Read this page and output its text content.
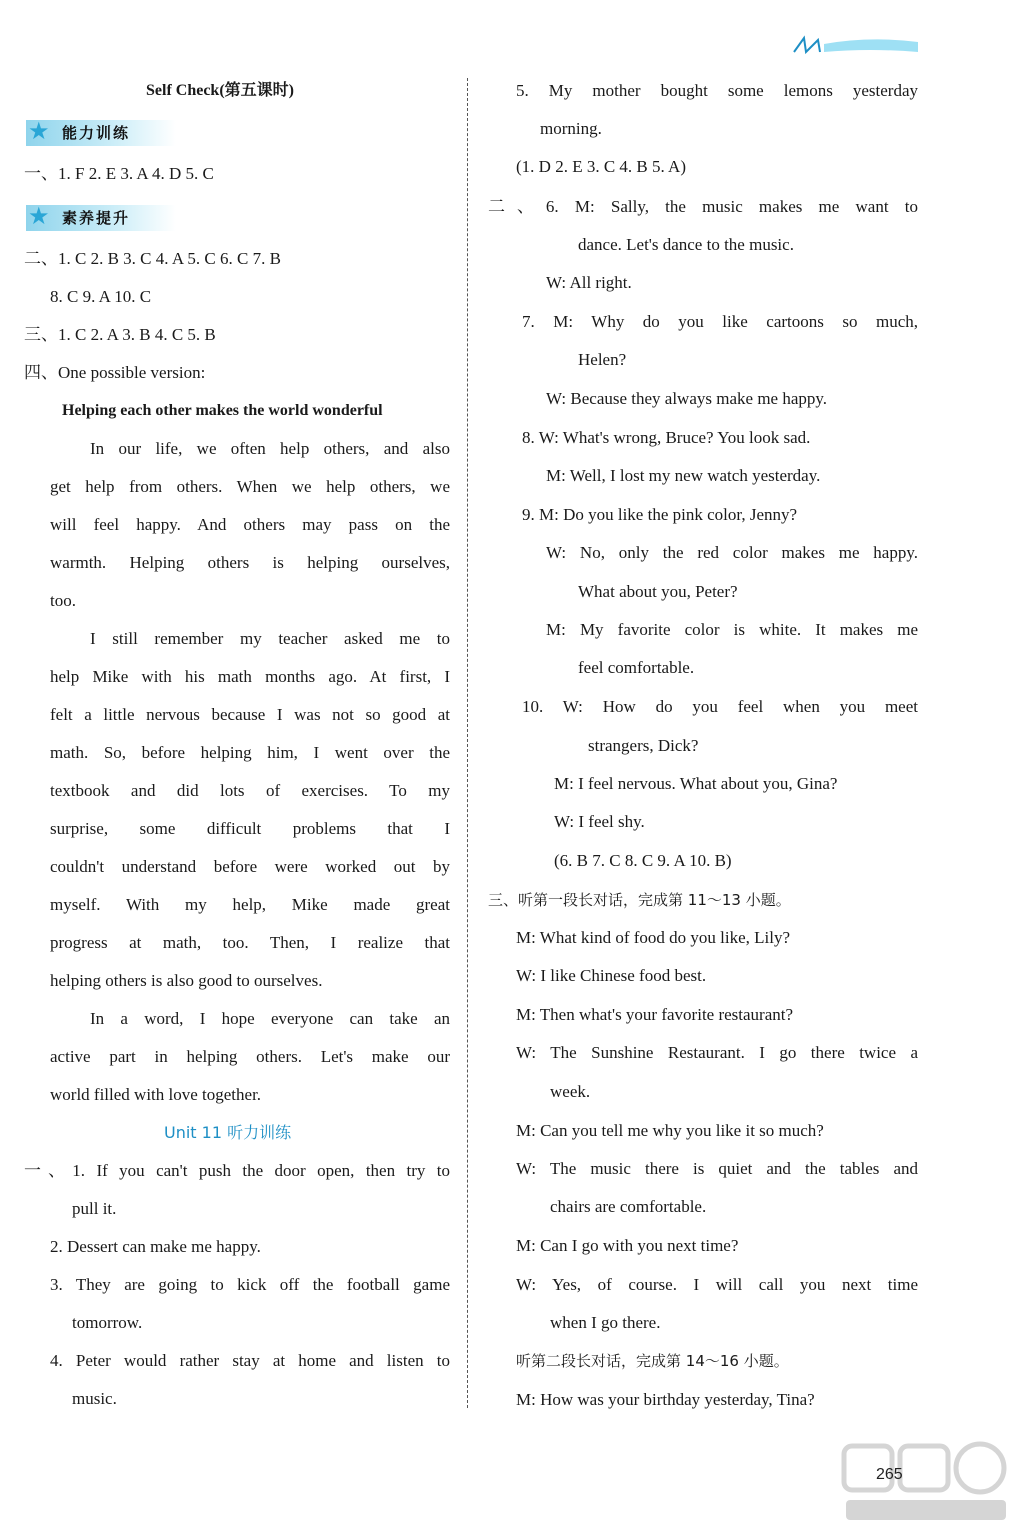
Self Check(第五课时)
★ 能力训练
一、1. F 2. E 3. A 4. D 5. C
★ 素养提升
二、1. C 2. B 3. C 4. A 5. C 6. C 7. B
8. C 9. A 10. C
三、1. C 2. A 3. B 4. C 5. B
四、One possible version:
Helping each other makes the world wonderful
In our life, we often help others, and also
get help from others. When we help others, we
will feel happy. And others may pass on the
warmth. Helping others is helping ourselves,
too.
I still remember my teacher asked me to
help Mike with his math months ago. At first, I
felt a little nervous because I was not so good at
math. So, before helping him, I went over the
textbook and did lots of exercises. To my
surprise, some difficult problems that I
couldn't understand before were worked out by
myself. With my help, Mike made great
progress at math, too. Then, I realize that
helping others is also good to ourselves.
In a word, I hope everyone can take an
active part in helping others. Let's make our
world filled with love together.
Unit 11 听力训练
一、1. If you can't push the door open, then try to
pull it.
2. Dessert can make me happy.
3. They are going to kick off the football game
tomorrow.
4. Peter would rather stay at home and listen to
music.
5. My mother bought some lemons yesterday
morning.
(1. D 2. E 3. C 4. B 5. A)
二、6. M: Sally, the music makes me want to
dance. Let's dance to the music.
W: All right.
7. M: Why do you like cartoons so much,
Helen?
W: Because they always make me happy.
8. W: What's wrong, Bruce? You look sad.
M: Well, I lost my new watch yesterday.
9. M: Do you like the pink color, Jenny?
W: No, only the red color makes me happy.
What about you, Peter?
M: My favorite color is white. It makes me
feel comfortable.
10. W: How do you feel when you meet
strangers, Dick?
M: I feel nervous. What about you, Gina?
W: I feel shy.
(6. B 7. C 8. C 9. A 10. B)
三、听第一段长对话，完成第 11～13 小题。
M: What kind of food do you like, Lily?
W: I like Chinese food best.
M: Then what's your favorite restaurant?
W: The Sunshine Restaurant. I go there twice a
week.
M: Can you tell me why you like it so much?
W: The music there is quiet and the tables and
chairs are comfortable.
M: Can I go with you next time?
W: Yes, of course. I will call you next time
when I go there.
听第二段长对话，完成第 14～16 小题。
M: How was your birthday yesterday, Tina?
265
